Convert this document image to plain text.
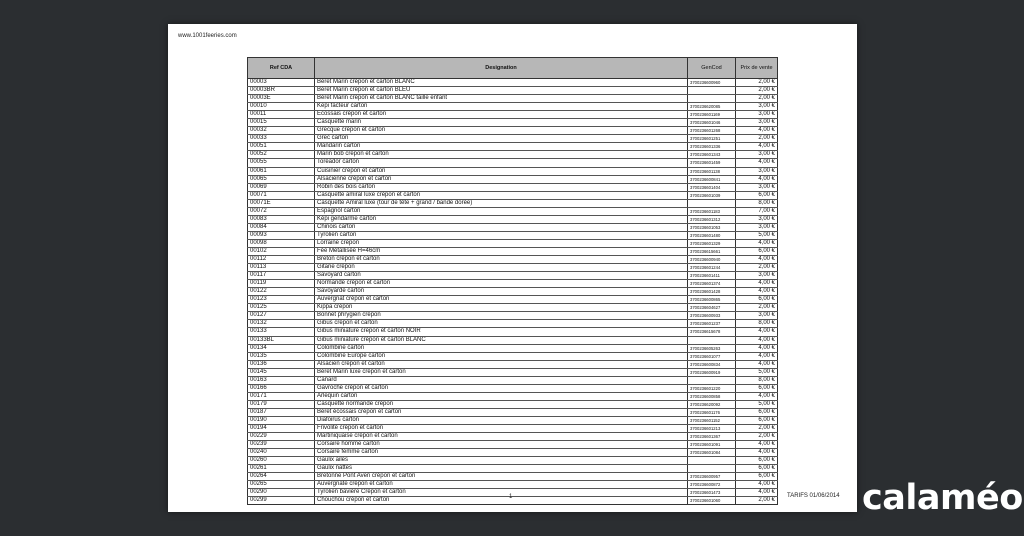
www.1001feeries.com
Ref CDA	Designation	GenCod	Prix de vente
00003	Béret Marin crépon et carton BLANC	3700236600960	2,00 €
00003BR	Béret Marin crépon et carton BLEU		2,00 €
00003E	Béret Marin crépon et carton BLANC taille enfant		2,00 €
00010	Kepi facteur carton	3700236620085	3,00 €
00011	Ecossais crépon et carton	3700236601169	3,00 €
00015	Casquette marin	3700236601046	3,00 €
00032	Grecque crépon et carton	3700236601268	4,00 €
00033	Grec carton	3700236601251	2,00 €
00051	Mandarin carton	3700236601336	4,00 €
00052	Marin bob crépon et carton	3700236601343	3,00 €
00055	Toréador carton	3700236601459	4,00 €
00061	Cuisinier crépon et carton	3700236601138	3,00 €
00065	Alsacienne crépon et carton	3700236600841	4,00 €
00069	Robin des bois carton	3700236601404	3,00 €
00071	Casquette amiral luxe crépon et carton	3700236601039	6,00 €
00071E	Casquette Amiral luxe (tour de tête + grand / bande dorée)		8,00 €
00072	Espagnol carton	3700236601183	7,00 €
00083	Képi gendarme carton	3700236601312	3,00 €
00084	Chinois carton	3700236601053	3,00 €
00093	Tyrolien carton	3700236601480	5,00 €
00098	Lorraine crépon	3700236601329	4,00 €
00102	Fée Métallisée H=46cm	3700236615661	6,00 €
00112	Breton crépon et carton	3700236600940	4,00 €
00113	Gitane crépon	3700236601244	2,00 €
00117	Savoyard carton	3700236601411	3,00 €
00119	Normande crépon et carton	3700236601374	4,00 €
00122	Savoyarde carton	3700236601428	4,00 €
00123	Auvergnat crépon et carton	3700236600865	6,00 €
00125	Kippa crépon	3700236604627	2,00 €
00127	Bonnet phrygien crépon	3700236600933	3,00 €
00132	Gibus crépon et carton	3700236601237	8,00 €
00133	Gibus miniature crépon et carton NOIR	3700236615678	4,00 €
00133BL	Gibus miniature crépon et carton BLANC		4,00 €
00134	Colombine carton	3700236605263	4,00 €
00135	Colombine Europe carton	3700236601077	4,00 €
00136	Alsacien crépon et carton	3700236600834	4,00 €
00145	Béret Marin luxe crépon et carton	3700236600919	5,00 €
00163	Canard		8,00 €
00166	Gavroche crépon et carton	3700236601220	6,00 €
00171	Arlequin carton	3700236600858	4,00 €
00179	Casquette normande crépon	3700236620092	5,00 €
00187	Béret écossais crépon et carton	3700236601176	6,00 €
00190	Diafoirus carton	3700236601152	6,00 €
00194	Frivolité crépon et carton	3700236601213	2,00 €
00229	Martiniquaise crépon et carton	3700236601367	2,00 €
00239	Corsaire homme carton	3700236601091	4,00 €
00240	Corsaire femme carton	3700236601084	4,00 €
00260	Gaulix ailes		6,00 €
00261	Gaulix nattes		6,00 €
00264	Bretonne Pont Aven crépon et carton	3700236600957	6,00 €
00265	Auvergnate crépon et carton	3700236600872	4,00 €
00290	Tyrolien bavière Crépon et carton	3700236601473	4,00 €
00299	Chouchou crépon et carton	3700236601060	2,00 €
1	TARIFS 01/06/2014 calaméo
